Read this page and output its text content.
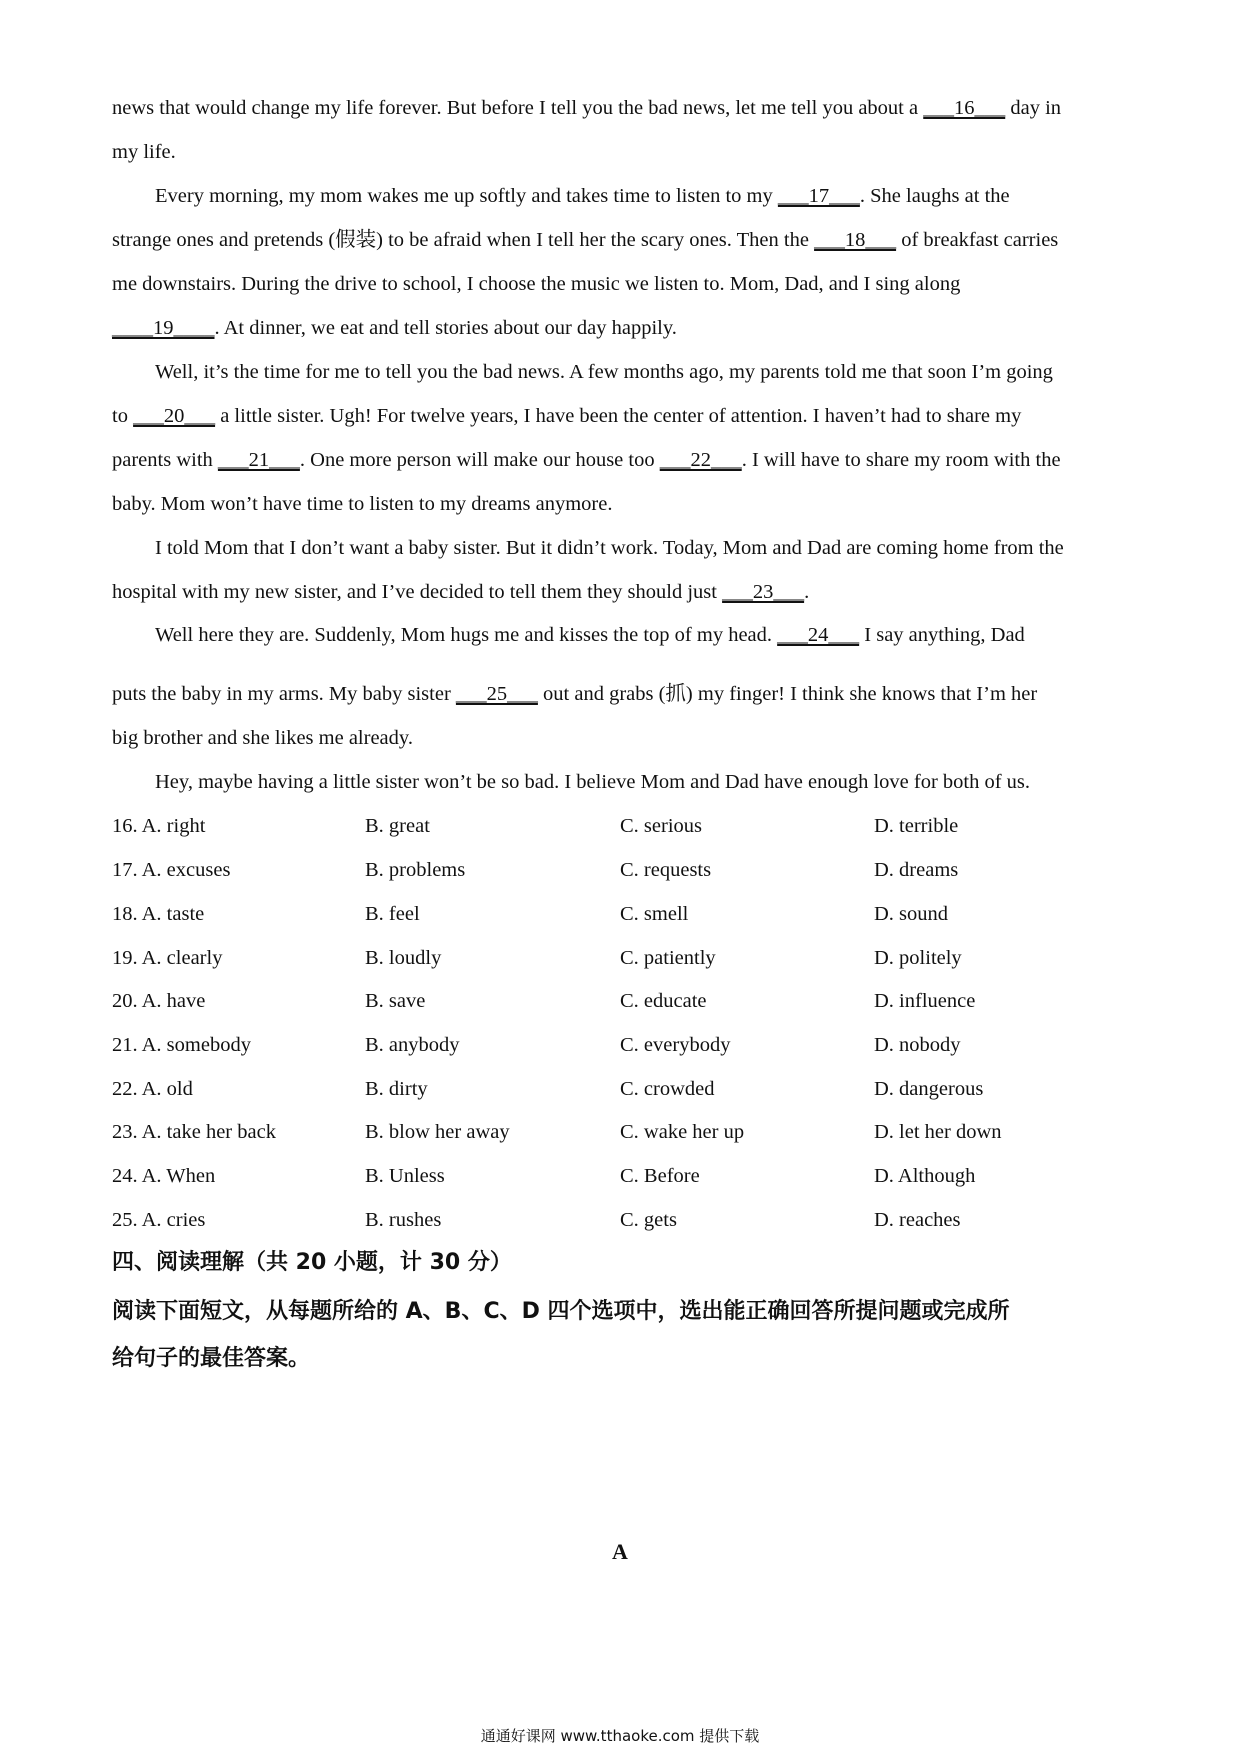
news that would change my life forever. But before I tell you the bad news, let me tell you about a ___16___ day in
my life.
Every morning, my mom wakes me up softly and takes time to listen to my ___17___. She laughs at the
strange ones and pretends (假装) to be afraid when I tell her the scary ones. Then the ___18___ of breakfast carries
me downstairs. During the drive to school, I choose the music we listen to. Mom, Dad, and I sing along
____19____. At dinner, we eat and tell stories about our day happily.
Well, it’s the time for me to tell you the bad news. A few months ago, my parents told me that soon I’m going
to ___20___ a little sister. Ugh! For twelve years, I have been the center of attention. I haven’t had to share my
parents with ___21___. One more person will make our house too ___22___. I will have to share my room with the
baby. Mom won’t have time to listen to my dreams anymore.
I told Mom that I don’t want a baby sister. But it didn’t work. Today, Mom and Dad are coming home from the
hospital with my new sister, and I’ve decided to tell them they should just ___23___.
Well here they are. Suddenly, Mom hugs me and kisses the top of my head. ___24___ I say anything, Dad
puts the baby in my arms. My baby sister ___25___ out and grabs (抓) my finger! I think she knows that I’m her
big brother and she likes me already.
Hey, maybe having a little sister won’t be so bad. I believe Mom and Dad have enough love for both of us.
16. A. right	B. great	C. serious	D. terrible
17. A. excuses	B. problems	C. requests	D. dreams
18. A. taste	B. feel	C. smell	D. sound
19. A. clearly	B. loudly	C. patiently	D. politely
20. A. have	B. save	C. educate	D. influence
21. A. somebody	B. anybody	C. everybody	D. nobody
22. A. old	B. dirty	C. crowded	D. dangerous
23. A. take her back	B. blow her away	C. wake her up	D. let her down
24. A. When	B. Unless	C. Before	D. Although
25. A. cries	B. rushes	C. gets	D. reaches
四、阅读理解（共 20 小题，计 30 分）
阅读下面短文，从每题所给的 A、B、C、D 四个选项中，选出能正确回答所提问题或完成所
给句子的最佳答案。
A
通通好课网 www.tthaoke.com 提供下载
